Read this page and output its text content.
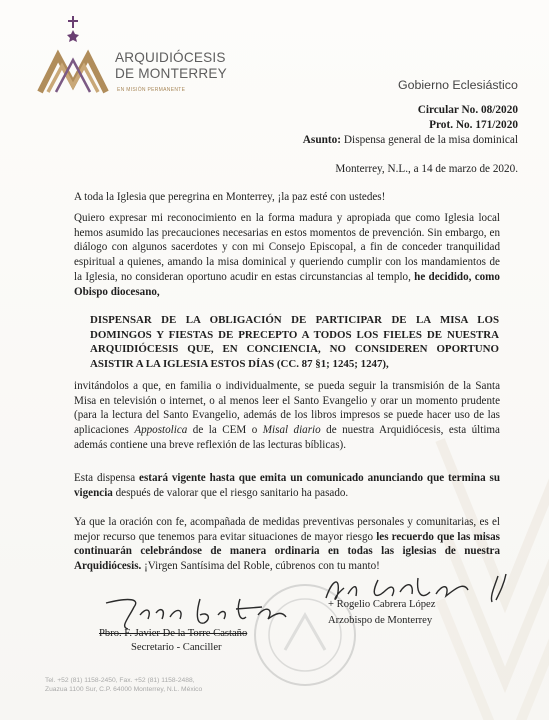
ARQUIDIÓCESIS
DE MONTERREY
EN MISIÓN PERMANENTE	Gobierno Eclesiástico
Circular No. 08/2020
Prot. No. 171/2020
Asunto: Dispensa general de la misa dominical
Monterrey, N.L., a 14 de marzo de 2020.
A toda la Iglesia que peregrina en Monterrey, ¡la paz esté con ustedes!
Quiero expresar mi reconocimiento en la forma madura y apropiada que como Iglesia local hemos asumido las precauciones necesarias en estos momentos de prevención. Sin embargo, en diálogo con algunos sacerdotes y con mi Consejo Episcopal, a fin de conceder tranquilidad espiritual a quienes, amando la misa dominical y queriendo cumplir con los mandamientos de la Iglesia, no consideran oportuno acudir en estas circunstancias al templo, he decidido, como Obispo diocesano,
DISPENSAR DE LA OBLIGACIÓN DE PARTICIPAR DE LA MISA LOS DOMINGOS Y FIESTAS DE PRECEPTO A TODOS LOS FIELES DE NUESTRA ARQUIDIÓCESIS QUE, EN CONCIENCIA, NO CONSIDEREN OPORTUNO ASISTIR A LA IGLESIA ESTOS DÍAS (CC. 87 §1; 1245; 1247),
invitándolos a que, en familia o individualmente, se pueda seguir la transmisión de la Santa Misa en televisión o internet, o al menos leer el Santo Evangelio y orar un momento prudente (para la lectura del Santo Evangelio, además de los libros impresos se puede hacer uso de las aplicaciones Appostolica de la CEM o Misal diario de nuestra Arquidiócesis, esta última además contiene una breve reflexión de las lecturas bíblicas).
Esta dispensa estará vigente hasta que emita un comunicado anunciando que termina su vigencia después de valorar que el riesgo sanitario ha pasado.
Ya que la oración con fe, acompañada de medidas preventivas personales y comunitarias, es el mejor recurso que tenemos para evitar situaciones de mayor riesgo les recuerdo que las misas continuarán celebrándose de manera ordinaria en todas las iglesias de nuestra Arquidiócesis. ¡Virgen Santísima del Roble, cúbrenos con tu manto!
+ Rogelio Cabrera López
Arzobispo de Monterrey
Pbro. F. Javier De la Torre Castaño
Secretario - Canciller
Tel. +52 (81) 1158-2450, Fax. +52 (81) 1158-2488,
Zuazua 1100 Sur, C.P. 64000 Monterrey, N.L. México
